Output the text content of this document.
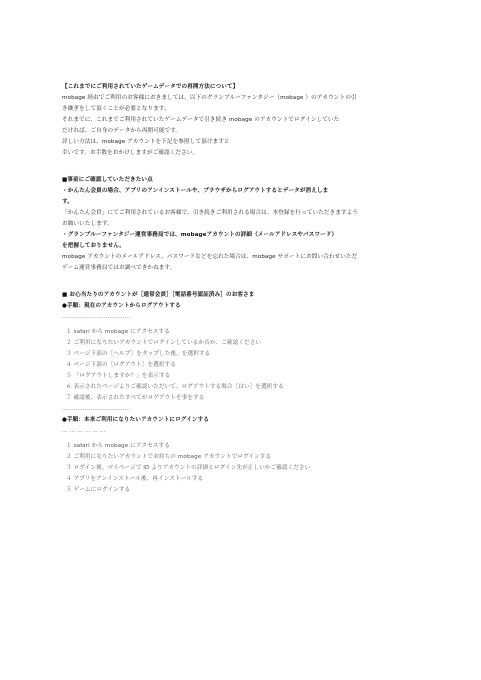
【これまでにご利用されていたゲームデータでの再開方法について】
mobage 経由でご利用のお客様におきましては、以下のグランブルーファンタジー（mobage ）のアカウントの引
き継ぎをして頂くことが必要となります。
それまでに、これまでご利用されていたゲームデータで引き続き mobage のアカウントでログインしていた
だければ、ご自身のデータから再開可能です。
詳しい方法は、mobage アカウントを下記を参照して頂けますと
幸いです。お手数をおかけしますがご確認ください。
■事前にご確認していただきたい点
・かんたん会員の場合、アプリのアンインストールや、ブラウザからログアウトするとデータが消えしま
す。
「かんたん会員」にてご利用されているお客様で、引き続きご利用される場合は、本登録を行っていただきますよう
お願いいたします。
・グランブルーファンタジー運営事務局では、mobageアカウントの詳細（メールアドレスやパスワード）
を把握しておりません。
mobage アカウントのメールアドレス、パスワードなどを忘れた場合は、mobage サポートにお問い合わせいただ
ゲーム運営事務局ではお調べできかねます。
■ お心当たりのアカウントが［通常会員］［電話番号認証済み］のお客さま
●手順：現在のアカウントからログアウトする
………………………………
１ safari から mobage にアクセスする
２ ご利用になりたいアカウントでログインしているか否か、ご確認ください
３ ページ下部の［ヘルプ］をタップした後、を選択する
４ ページ下部の［ログアウト］を選択する
５ 「ログアウトしますか？」を表示する
６ 表示されたページよりご確認いただいて、ログアウトする場合［はい］を選択する
７ 確認後、表示されたすべてがログアウトを事をする
………………………………
●手順：本来ご利用になりたいアカウントにログインする
… … … … … …
１ safari から mobage にアクセスする
２ ご利用になりたいアカウントでお持ちの mobage アカウントでログインする
３ ログイン後、マイページで ID よりアカウントの詳細とログイン先が正しいかご確認ください
４ アプリをアンインストール後、再インストールする
５ ゲームにログインする
